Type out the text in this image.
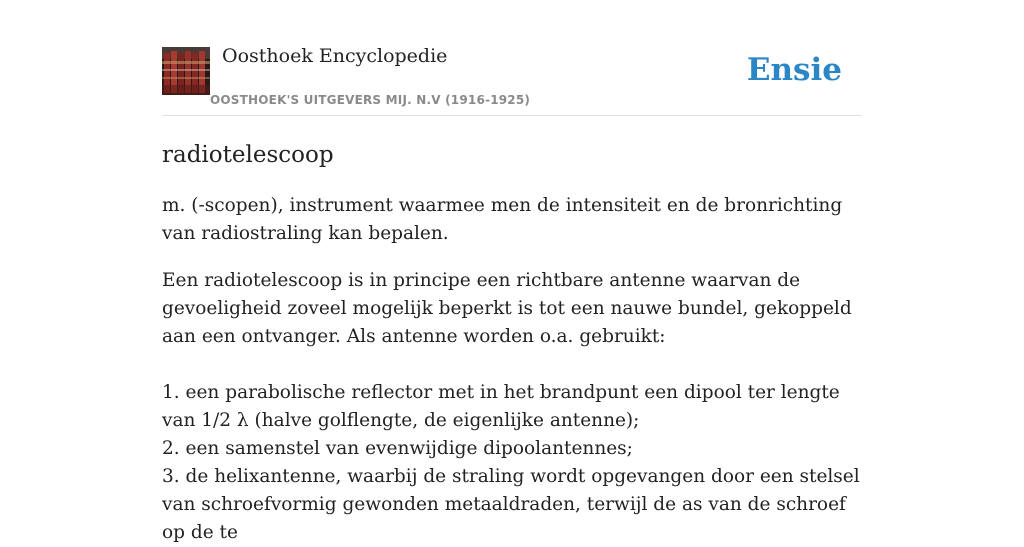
Oosthoek Encyclopedie
OOSTHOEK'S UITGEVERS MIJ. N.V (1916-1925)
Ensie
radiotelescoop

m. (-scopen), instrument waarmee men de intensiteit en de bronrichting van radiostraling kan bepalen.

Een radiotelescoop is in principe een richtbare antenne waarvan de gevoeligheid zoveel mogelijk beperkt is tot een nauwe bundel, gekoppeld aan een ontvanger. Als antenne worden o.a. gebruikt:

1. een parabolische reflector met in het brandpunt een dipool ter lengte van 1/2 λ (halve golflengte, de eigenlijke antenne);
2. een samenstel van evenwijdige dipoolantennes;
3. de helixantenne, waarbij de straling wordt opgevangen door een stelsel van schroefvormig gewonden metaaldraden, terwijl de as van de schroef op de te
